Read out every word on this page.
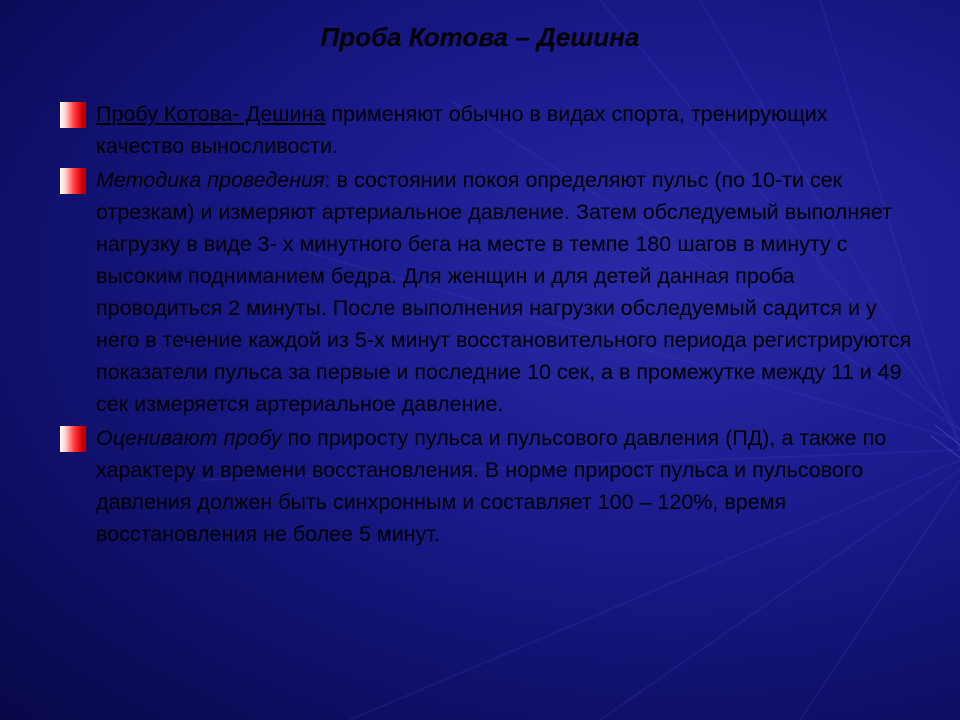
Проба Котова – Дешина
Пробу Котова- Дешина применяют обычно в видах спорта, тренирующих качество выносливости.
Методика проведения: в состоянии покоя определяют пульс (по 10-ти сек отрезкам) и измеряют артериальное давление. Затем обследуемый выполняет нагрузку в виде 3- х минутного бега на месте в темпе 180 шагов в минуту с высоким подниманием бедра. Для женщин и для детей данная проба проводиться 2 минуты. После выполнения нагрузки обследуемый садится и у него в течение каждой из 5-х минут восстановительного периода регистрируются показатели пульса за первые и последние 10 сек, а в промежутке между 11 и 49 сек измеряется артериальное давление.
Оценивают пробу по приросту пульса и пульсового давления (ПД), а также по характеру и времени восстановления. В норме прирост пульса и пульсового давления должен быть синхронным и составляет 100 – 120%, время восстановления не более 5 минут.
